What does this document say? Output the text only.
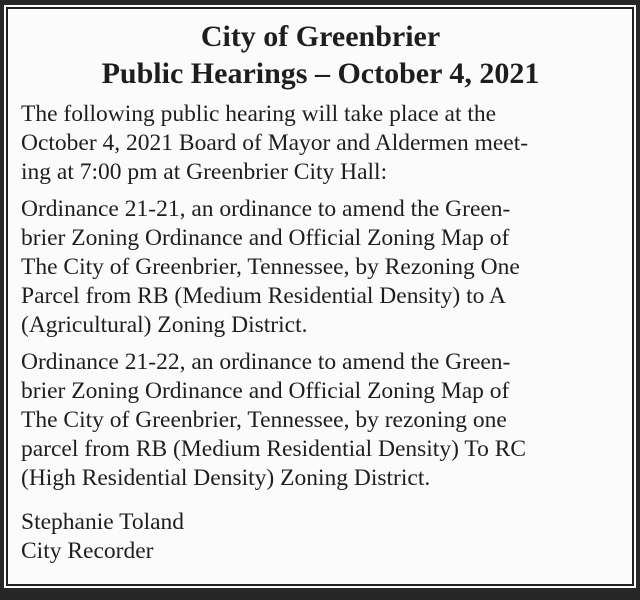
City of Greenbrier
Public Hearings – October 4, 2021

The following public hearing will take place at the
October 4, 2021 Board of Mayor and Aldermen meet-
ing at 7:00 pm at Greenbrier City Hall:

Ordinance 21-21, an ordinance to amend the Green-
brier Zoning Ordinance and Official Zoning Map of
The City of Greenbrier, Tennessee, by Rezoning One
Parcel from RB (Medium Residential Density) to A
(Agricultural) Zoning District.

Ordinance 21-22, an ordinance to amend the Green-
brier Zoning Ordinance and Official Zoning Map of
The City of Greenbrier, Tennessee, by rezoning one
parcel from RB (Medium Residential Density) To RC
(High Residential Density) Zoning District.

Stephanie Toland
City Recorder
